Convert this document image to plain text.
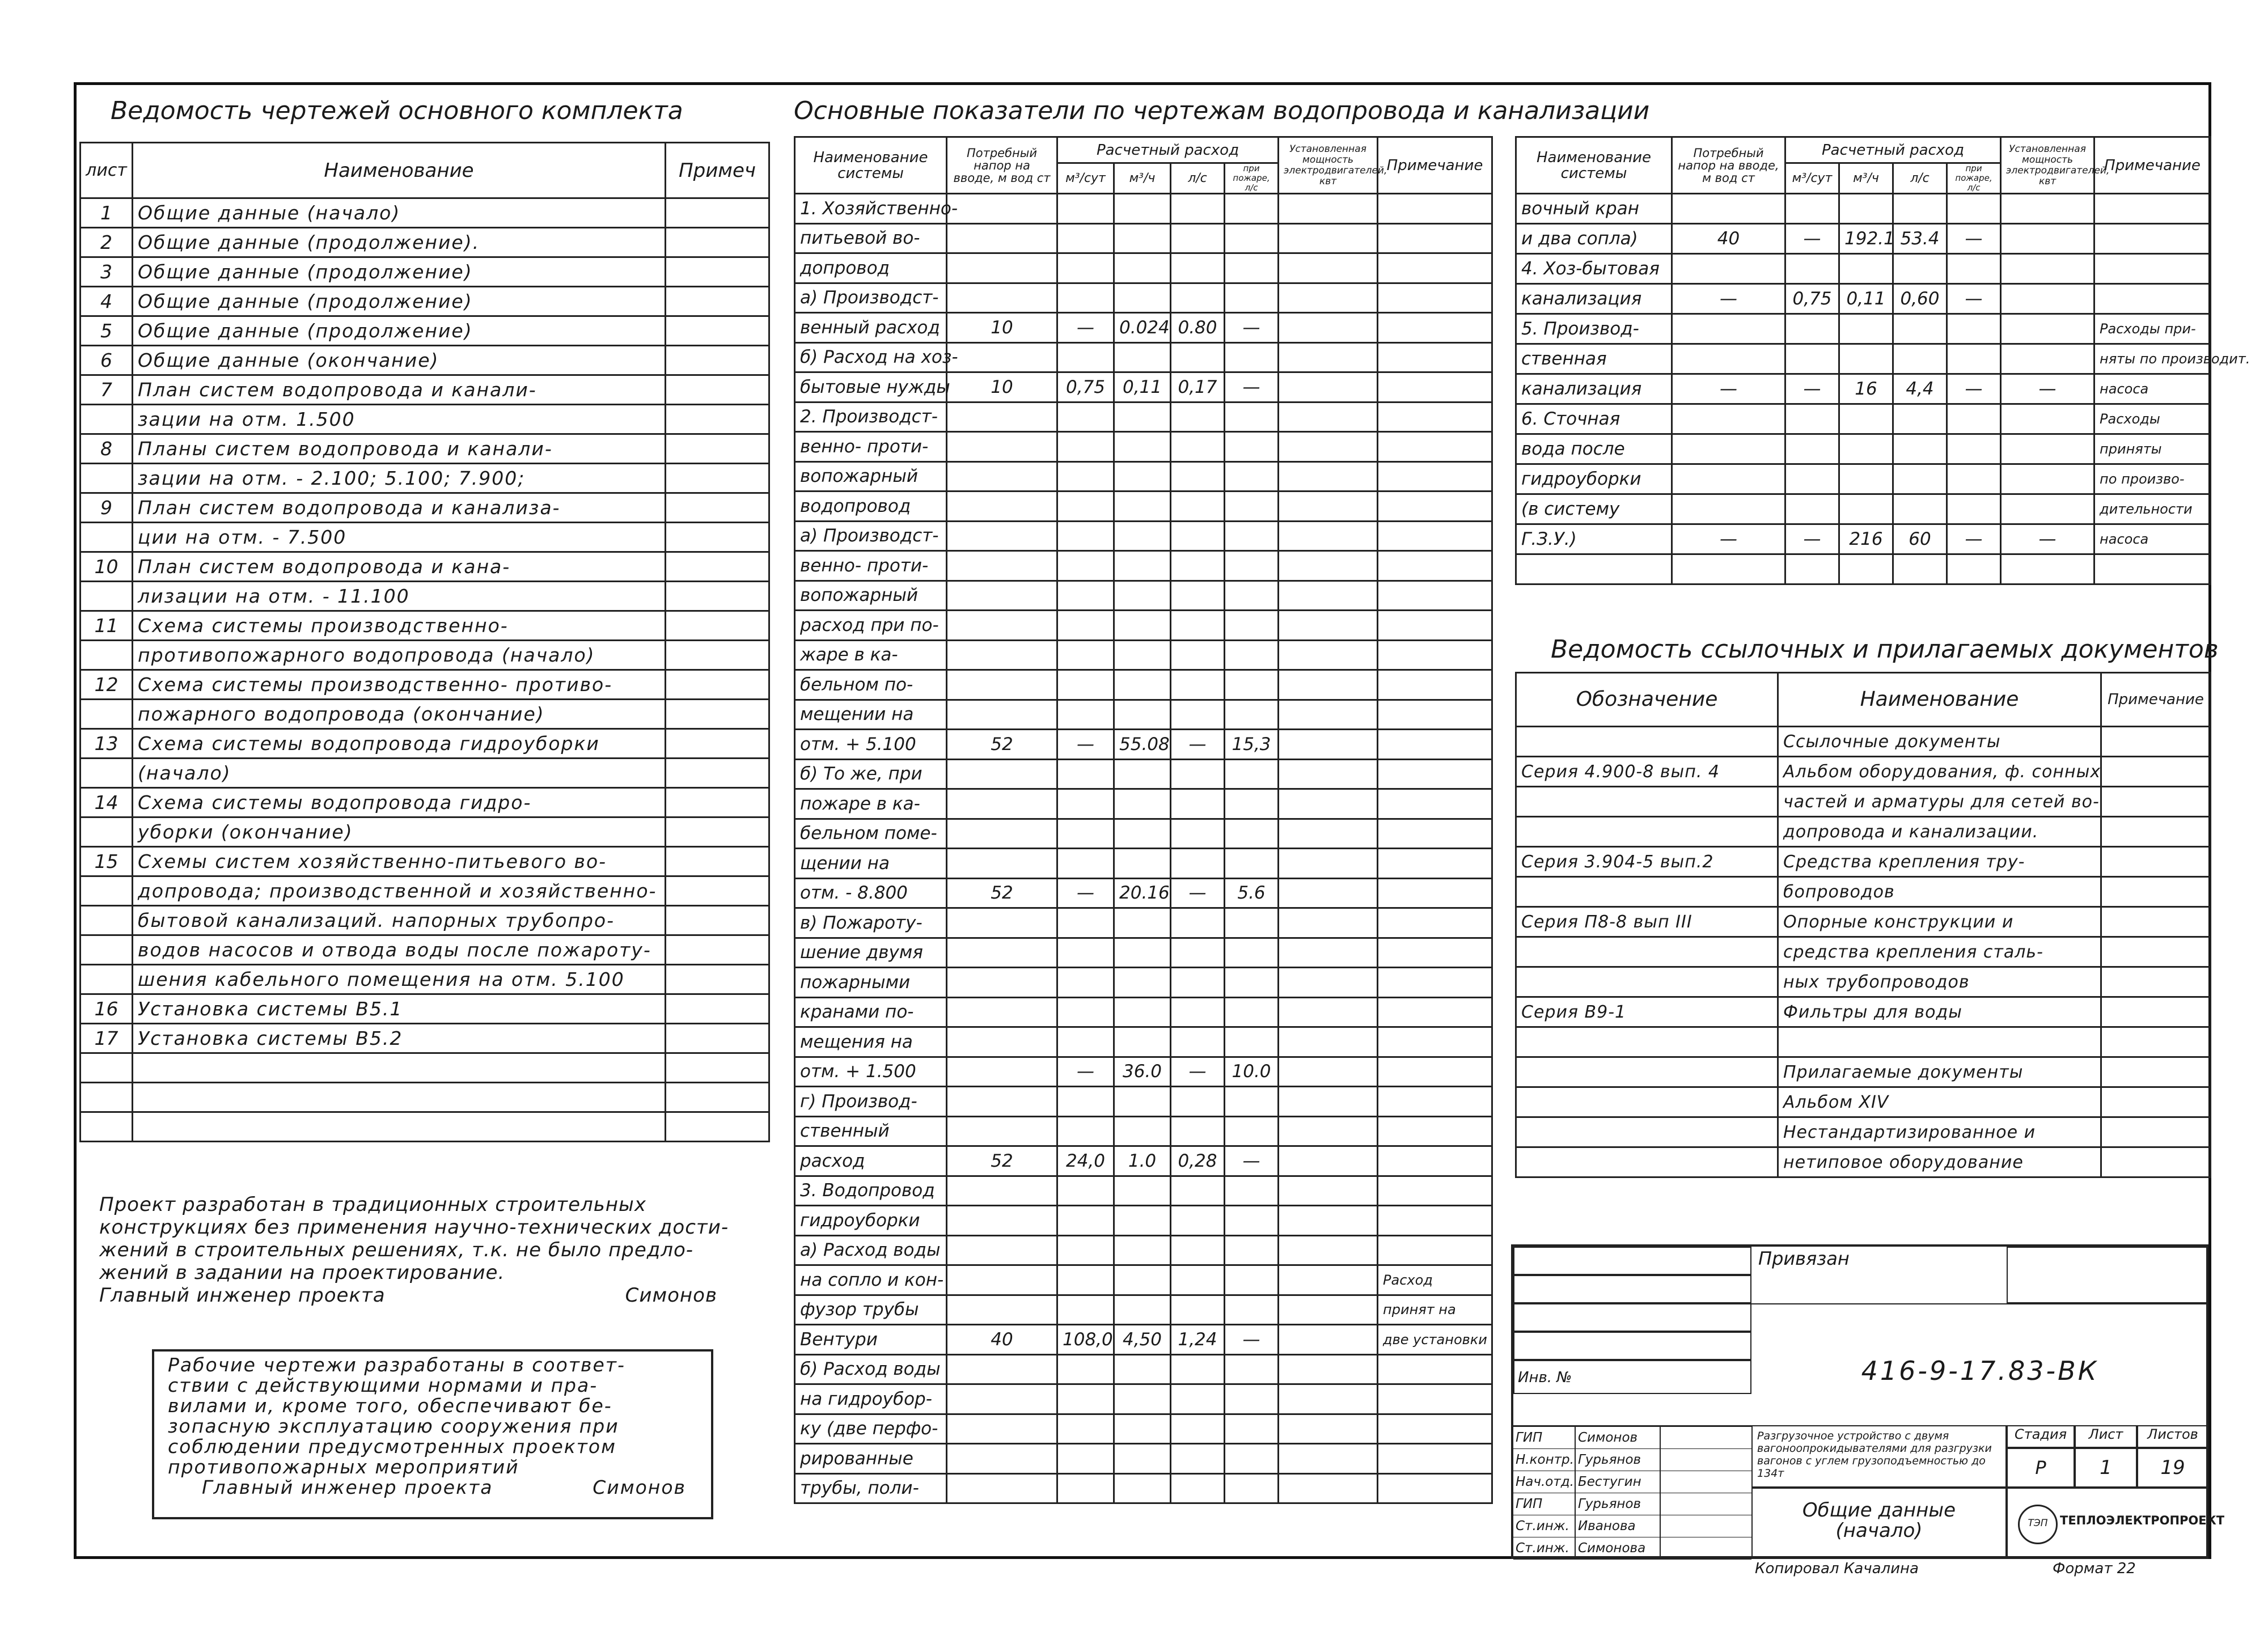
Ведомость чертежей основного комплекта
лист	Наименование	Примеч
1	Общие данные (начало)	
2	Общие данные (продолжение).	
3	Общие данные (продолжение)	
4	Общие данные (продолжение)	
5	Общие данные (продолжение)	
6	Общие данные (окончание)	
7	План систем водопровода и канали-	
	зации на отм. 1.500	
8	Планы систем водопровода и канали-	
	зации на отм. - 2.100; 5.100; 7.900;	
9	План систем водопровода и канализа-	
	ции на отм. - 7.500	
10	План систем водопровода и кана-	
	лизации на отм. - 11.100	
11	Схема системы производственно-	
	противопожарного водопровода (начало)	
12	Схема системы производственно- противо-	
	пожарного водопровода (окончание)	
13	Схема системы водопровода гидроуборки	
	(начало)	
14	Схема системы водопровода гидро-	
	уборки (окончание)	
15	Схемы систем хозяйственно-питьевого во-	
	допровода; производственной и хозяйственно-	
	бытовой канализаций. напорных трубопро-	
	водов насосов и отвода воды после пожароту-	
	шения кабельного помещения на отм. 5.100	
16	Установка системы В5.1	
17	Установка системы В5.2	

Проект разработан в традиционных строительных
конструкциях без применения научно-технических дости-
жений в строительных решениях, т.к. не было предло-
жений в задании на проектирование.
Главный инженер проекта	Симонов
Рабочие чертежи разработаны в соответ-
ствии с действующими нормами и пра-
вилами и, кроме того, обеспечивают бе-
зопасную эксплуатацию сооружения при
соблюдении предусмотренных проектом
противопожарных мероприятий
Главный инженер проекта	Симонов
Основные показатели по чертежам водопровода и канализации
Наименование системы	Потребный напор на вводе, м вод ст	Расчетный расход				Установленная мощность электродвигателей, квт	Примечание
		м³/сут	м³/ч	л/с	при пожаре, л/с		
1. Хозяйственно-							
питьевой во-							
допровод							
а) Производст-							
венный расход	10	—	0.024	0.80	—		
б) Расход на хоз-							
бытовые нужды	10	0,75	0,11	0,17	—		
2. Производст-							
венно- проти-							
вопожарный							
водопровод							
а) Производст-							
венно- проти-							
вопожарный							
расход при по-							
жаре в ка-							
бельном по-							
мещении на							
отм. + 5.100	52	—	55.08	—	15,3		
б) То же, при							
пожаре в ка-							
бельном поме-							
щении на							
отм. - 8.800	52	—	20.16	—	5.6		
в) Пожароту-							
шение двумя							
пожарными							
кранами по-							
мещения на							
отм. + 1.500		—	36.0	—	10.0		
г) Производ-							
ственный							
расход	52	24,0	1.0	0,28	—		
3. Водопровод							
гидроуборки							
а) Расход воды							
на сопло и кон-							Расход
фузор трубы							принят на
Вентури	40	108,0	4,50	1,24	—		две установки
б) Расход воды							
на гидроубор-							
ку (две перфо-							
рированные							
трубы, поли-							
Наименование системы	Потребный напор на вводе, м вод ст	Расчетный расход				Установленная мощность электродвигателей, квт	Примечание
		м³/сут	м³/ч	л/с	при пожаре, л/с		
вочный кран							
и два сопла)	40	—	192.1	53.4	—		
4. Хоз-бытовая							
канализация	—	0,75	0,11	0,60	—		
5. Производ-							Расходы при-
ственная							няты по производит.
канализация	—	—	16	4,4	—	—	насоса
6. Сточная							Расходы
вода после							приняты
гидроуборки							по произво-
(в систему							дительности
Г.З.У.)	—	—	216	60	—	—	насоса

Ведомость ссылочных и прилагаемых документов
Обозначение	Наименование	Примечание
	Ссылочные документы	
Серия 4.900-8 вып. 4	Альбом оборудования, ф. сонных	
	частей и арматуры для сетей во-	
	допровода и канализации.	
Серия 3.904-5 вып.2	Средства крепления тру-	
	бопроводов	
Серия П8-8 вып III	Опорные конструкции и	
	средства крепления сталь-	
	ных трубопроводов	
Серия В9-1	Фильтры для воды	

	Прилагаемые документы	
	Альбом XIV	
	Нестандартизированное и	
	нетиповое оборудование	
Инв. №
Привязан
416-9-17.83-ВК
ГИП	Симонов
Н.контр. Гурьянов
Нач.отд. Бестугин
ГИП	Гурьянов
Ст.инж. Иванова
Ст.инж. Симонова
Разгрузочное устройство с двумя вагоноопрокидывателями для разгрузки вагонов с углем грузоподъемностью до 134т
Стадия	Лист	Листов
Р	1	19
Общие данные (начало)	ТЭП	ТЕПЛОЭЛЕКТРОПРОЕКТ
Копировал Качалина	Формат 22
